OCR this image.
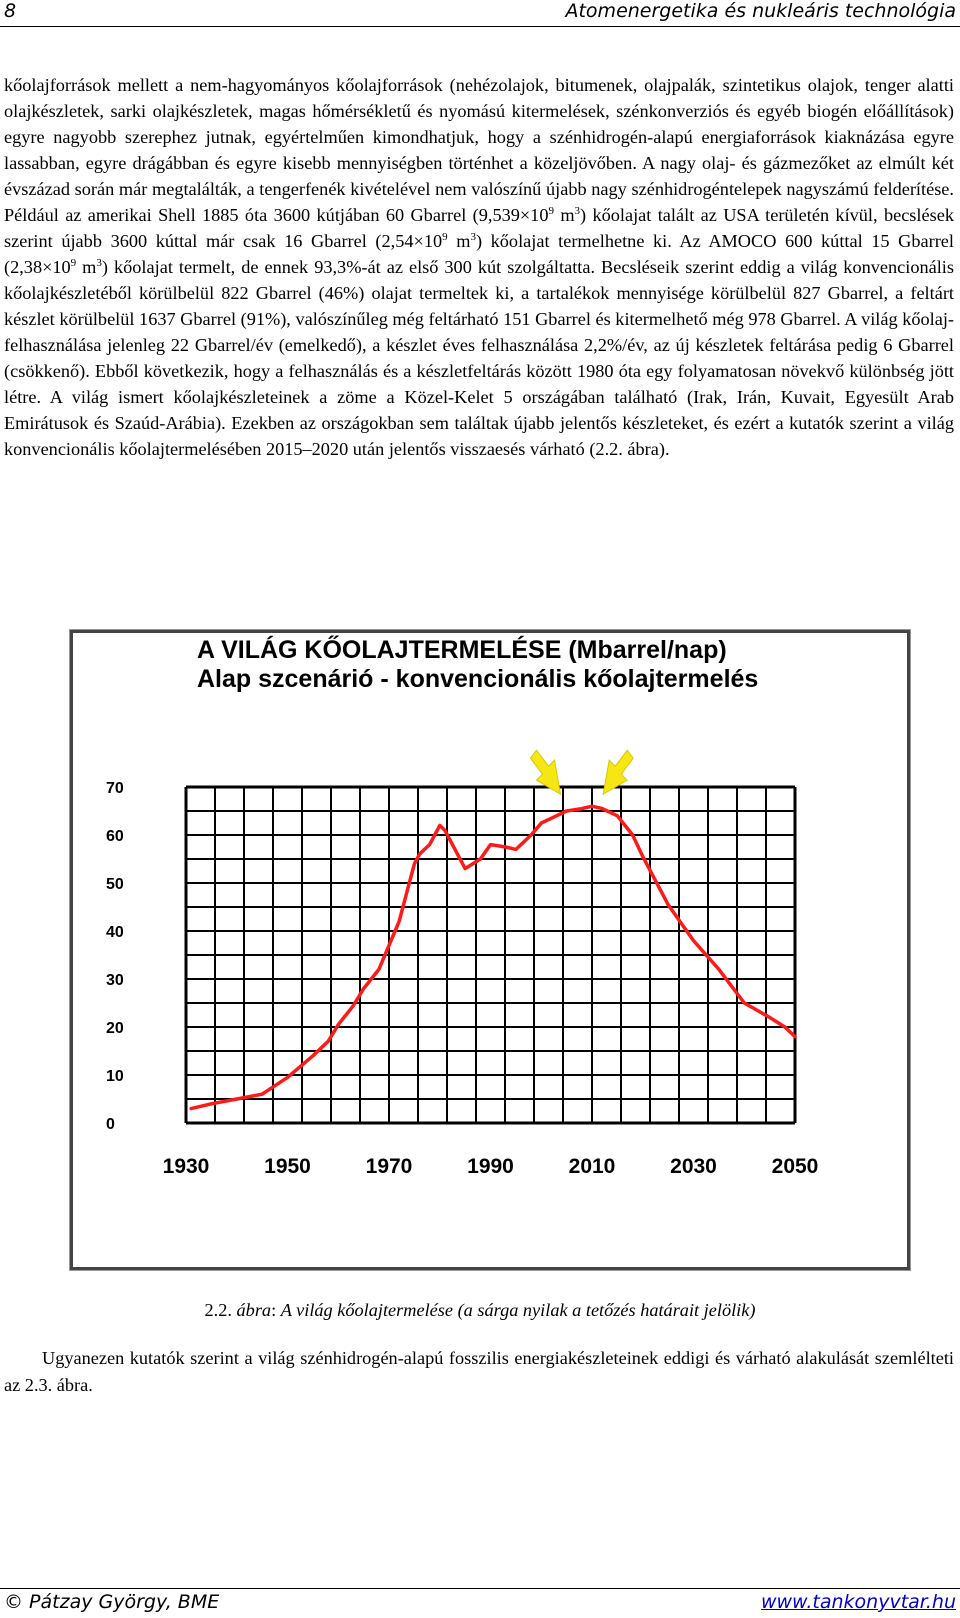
8	Atomenergetika és nukleáris technológia

kőolajforrások mellett a nem-hagyományos kőolajforrások (nehézolajok, bitumenek, olajpalák, szintetikus olajok, tenger alatti olajkészletek, sarki olajkészletek, magas hőmérsékletű és nyomású kitermelések, szénkonverziós és egyéb biogén előállítások) egyre nagyobb szerephez jutnak, egyértelműen kimondhatjuk, hogy a szénhidrogén-alapú energiaforrások kiaknázása egyre lassabban, egyre drágábban és egyre kisebb mennyiségben történhet a közeljövőben. A nagy olaj- és gázmezőket az elmúlt két évszázad során már megtalálták, a tengerfenék kivételével nem valószínű újabb nagy szénhidrogéntelepek nagyszámú felderítése. Például az amerikai Shell 1885 óta 3600 kútjában 60 Gbarrel ($9,539\times 10^9$ $m^3$) kőolajat talált az USA területén kívül, becslések szerint újabb 3600 kúttal már csak 16 Gbarrel ($2,54\times 10^9$ $m^3$) kőolajat termelhetne ki. Az AMOCO 600 kúttal 15 Gbarrel ($2,38\times 10^9$ $m^3$) kőolajat termelt, de ennek 93,3%-át az első 300 kút szolgáltatta. Becsléseik szerint eddig a világ konvencionális kőolajkészletéből körülbelül 822 Gbarrel (46%) olajat termeltek ki, a tartalékok mennyisége körülbelül 827 Gbarrel, a feltárt készlet körülbelül 1637 Gbarrel (91%), valószínűleg még feltárható 151 Gbarrel és kitermelhető még 978 Gbarrel. A világ kőolaj-felhasználása jelenleg 22 Gbarrel/év (emelkedő), a készlet éves felhasználása 2,2%/év, az új készletek feltárása pedig 6 Gbarrel (csökkenő). Ebből következik, hogy a felhasználás és a készletfeltárás között 1980 óta egy folyamatosan növekvő különbség jött létre. A világ ismert kőolajkészleteinek a zöme a Közel-Kelet 5 országában található (Irak, Irán, Kuvait, Egyesült Arab Emirátusok és Szaúd-Arábia). Ezekben az országokban sem találtak újabb jelentős készleteket, és ezért a kutatók szerint a világ konvencionális kőolajtermelésében 2015–2020 után jelentős visszaesés várható (2.2. ábra).

A VILÁG KŐOLAJTERMELÉSE (Mbarrel/nap)
Alap szcenárió - konvencionális kőolajtermelés
0
10
20
30
40
50
60
70
1930	1950	1970	1990	2010	2030	2050
2.2. ábra: A világ kőolajtermelése (a sárga nyilak a tetőzés határait jelölik)

Ugyanezen kutatók szerint a világ szénhidrogén-alapú fosszilis energiakészleteinek eddigi és várható alakulását szemlélteti az 2.3. ábra.

© Pátzay György, BME	www.tankonyvtar.hu
